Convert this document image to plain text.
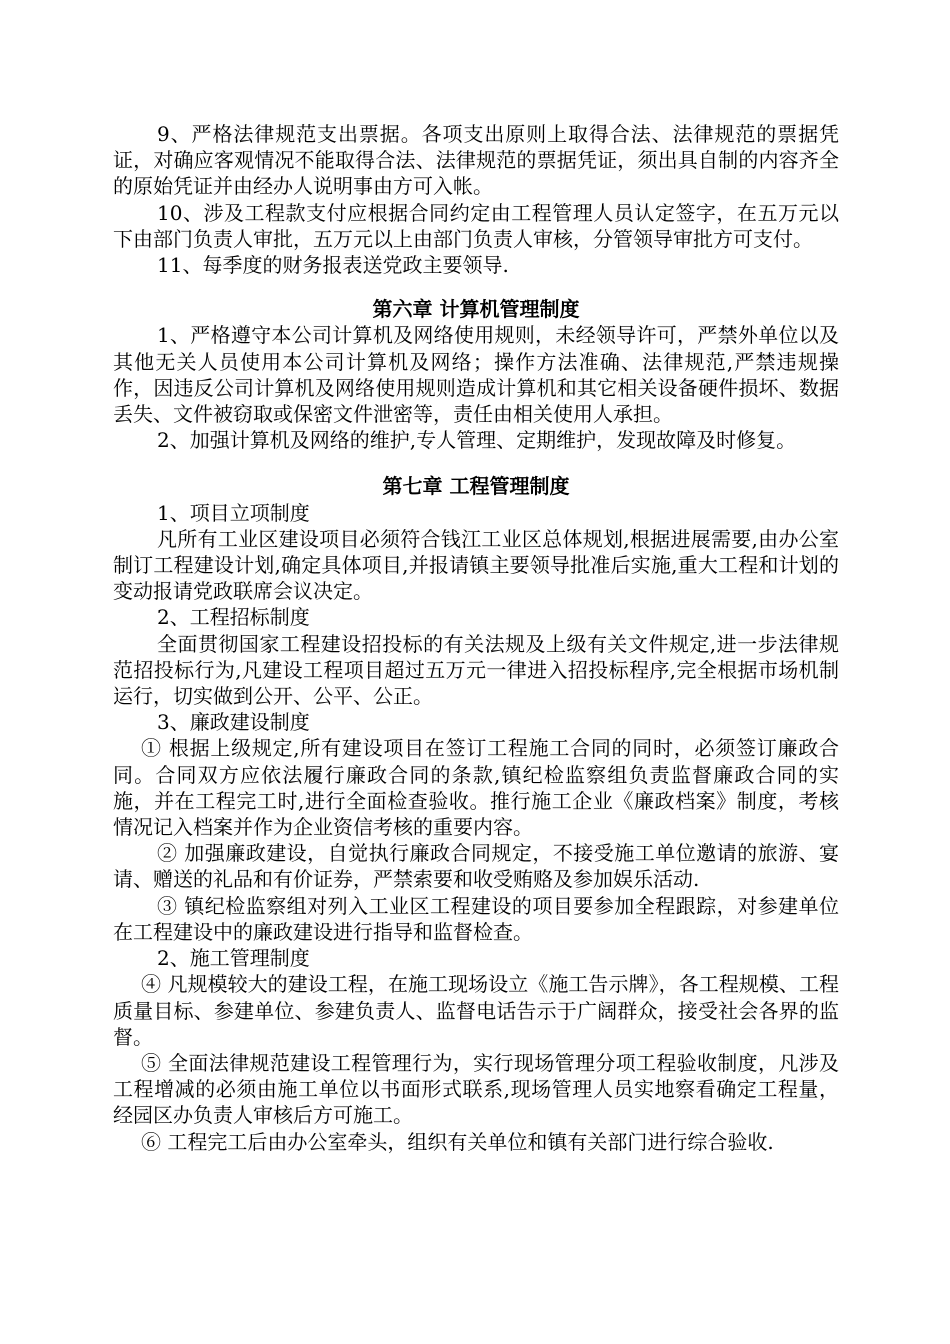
9、严格法律规范支出票据。各项支出原则上取得合法、法律规范的票据凭证，对确应客观情况不能取得合法、法律规范的票据凭证，须出具自制的内容齐全的原始凭证并由经办人说明事由方可入帐。

10、涉及工程款支付应根据合同约定由工程管理人员认定签字，在五万元以下由部门负责人审批，五万元以上由部门负责人审核，分管领导审批方可支付。

11、每季度的财务报表送党政主要领导.

第六章 计算机管理制度

1、严格遵守本公司计算机及网络使用规则，未经领导许可，严禁外单位以及其他无关人员使用本公司计算机及网络；操作方法准确、法律规范,严禁违规操作，因违反公司计算机及网络使用规则造成计算机和其它相关设备硬件损坏、数据丢失、文件被窃取或保密文件泄密等，责任由相关使用人承担。

2、加强计算机及网络的维护,专人管理、定期维护，发现故障及时修复。

第七章 工程管理制度

1、项目立项制度

凡所有工业区建设项目必须符合钱江工业区总体规划,根据进展需要,由办公室制订工程建设计划,确定具体项目,并报请镇主要领导批准后实施,重大工程和计划的变动报请党政联席会议决定。

2、工程招标制度

全面贯彻国家工程建设招投标的有关法规及上级有关文件规定,进一步法律规范招投标行为,凡建设工程项目超过五万元一律进入招投标程序,完全根据市场机制运行，切实做到公开、公平、公正。

3、廉政建设制度

① 根据上级规定,所有建设项目在签订工程施工合同的同时，必须签订廉政合同。合同双方应依法履行廉政合同的条款,镇纪检监察组负责监督廉政合同的实施，并在工程完工时,进行全面检查验收。推行施工企业《廉政档案》制度，考核情况记入档案并作为企业资信考核的重要内容。

② 加强廉政建设，自觉执行廉政合同规定，不接受施工单位邀请的旅游、宴请、赠送的礼品和有价证券，严禁索要和收受贿赂及参加娱乐活动.

③ 镇纪检监察组对列入工业区工程建设的项目要参加全程跟踪，对参建单位在工程建设中的廉政建设进行指导和监督检查。

2、施工管理制度

④ 凡规模较大的建设工程，在施工现场设立《施工告示牌》，各工程规模、工程质量目标、参建单位、参建负责人、监督电话告示于广阔群众，接受社会各界的监督。

⑤ 全面法律规范建设工程管理行为，实行现场管理分项工程验收制度，凡涉及工程增减的必须由施工单位以书面形式联系,现场管理人员实地察看确定工程量，经园区办负责人审核后方可施工。

⑥ 工程完工后由办公室牵头，组织有关单位和镇有关部门进行综合验收.
